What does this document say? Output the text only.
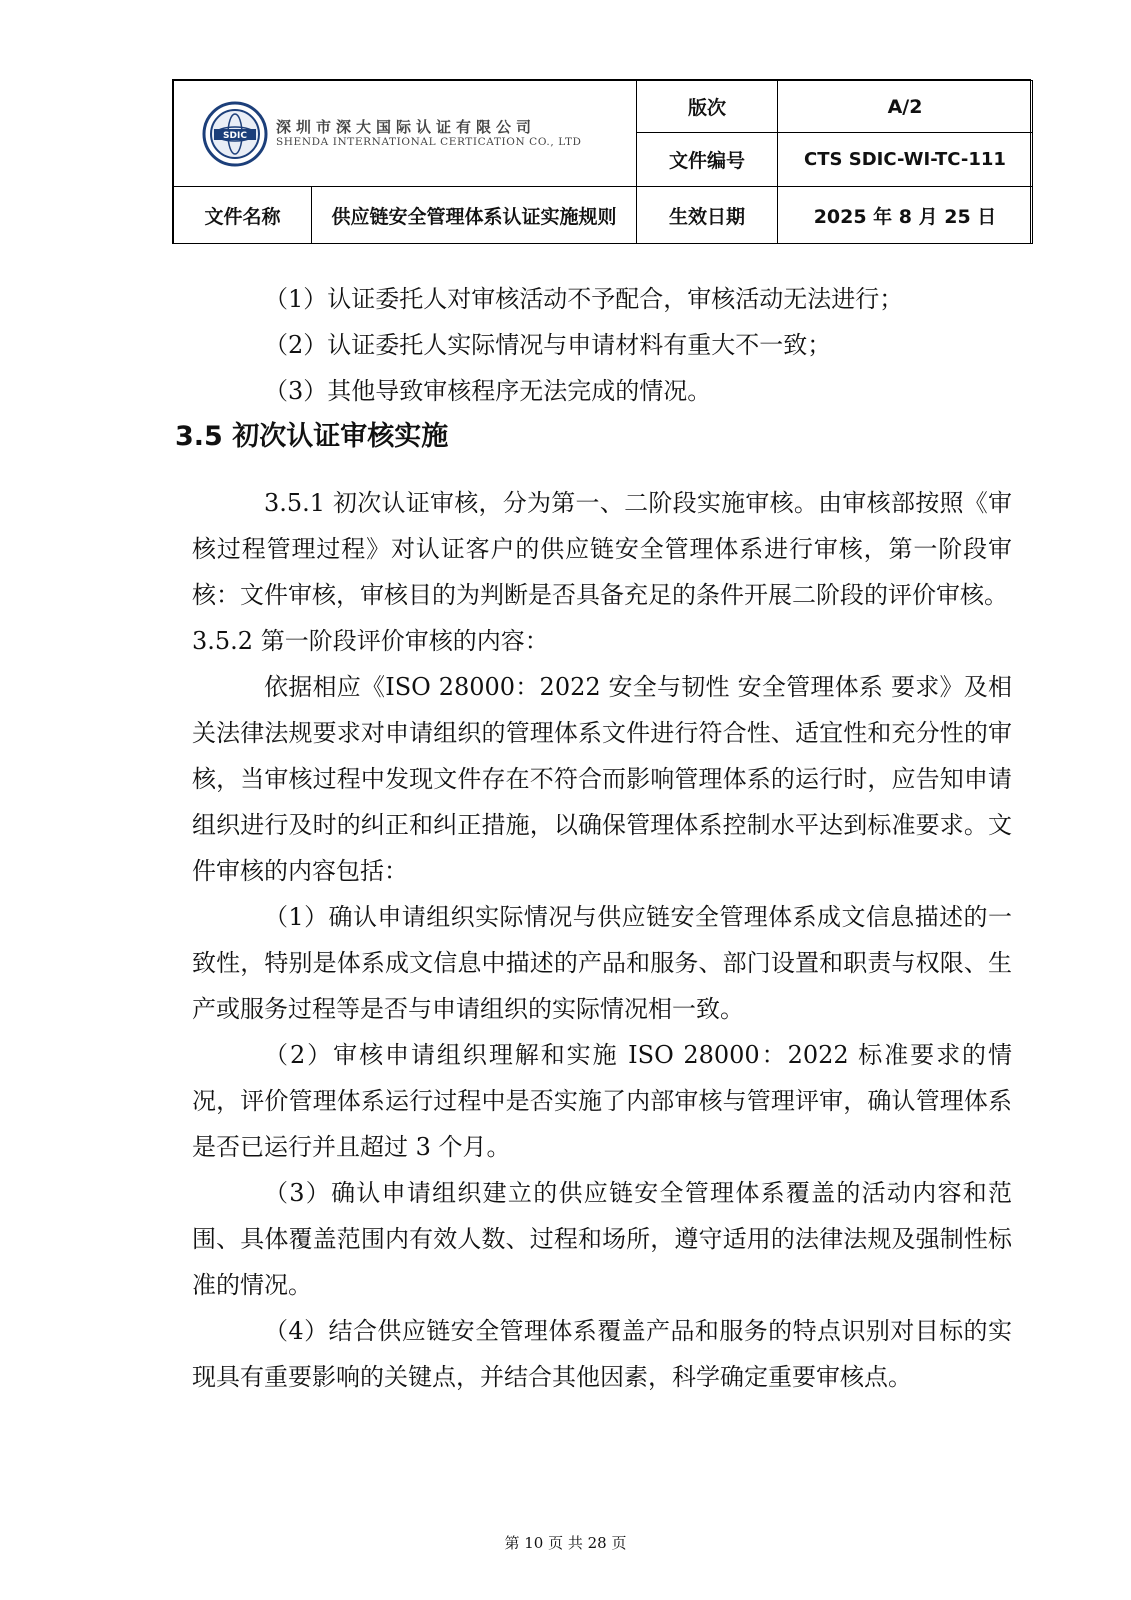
SDIC 深圳市深大国际认证有限公司
SHENDA INTERNATIONAL CERTICATION CO., LTD		版次	A/2
		文件编号	CTS SDIC-WI-TC-111
文件名称	供应链安全管理体系认证实施规则	生效日期	2025 年 8 月 25 日

（1）认证委托人对审核活动不予配合，审核活动无法进行；

（2）认证委托人实际情况与申请材料有重大不一致；

（3）其他导致审核程序无法完成的情况。

3.5 初次认证审核实施

3.5.1 初次认证审核，分为第一、二阶段实施审核。由审核部按照《审核过程管理过程》对认证客户的供应链安全管理体系进行审核，第一阶段审核：文件审核，审核目的为判断是否具备充足的条件开展二阶段的评价审核。

3.5.2 第一阶段评价审核的内容：

依据相应《ISO 28000：2022 安全与韧性 安全管理体系 要求》及相关法律法规要求对申请组织的管理体系文件进行符合性、适宜性和充分性的审核，当审核过程中发现文件存在不符合而影响管理体系的运行时，应告知申请组织进行及时的纠正和纠正措施，以确保管理体系控制水平达到标准要求。文件审核的内容包括：

（1）确认申请组织实际情况与供应链安全管理体系成文信息描述的一致性，特别是体系成文信息中描述的产品和服务、部门设置和职责与权限、生产或服务过程等是否与申请组织的实际情况相一致。

（2）审核申请组织理解和实施 ISO 28000：2022 标准要求的情况，评价管理体系运行过程中是否实施了内部审核与管理评审，确认管理体系是否已运行并且超过 3 个月。

（3）确认申请组织建立的供应链安全管理体系覆盖的活动内容和范围、具体覆盖范围内有效人数、过程和场所，遵守适用的法律法规及强制性标准的情况。

（4）结合供应链安全管理体系覆盖产品和服务的特点识别对目标的实现具有重要影响的关键点，并结合其他因素，科学确定重要审核点。

第 10 页 共 28 页
